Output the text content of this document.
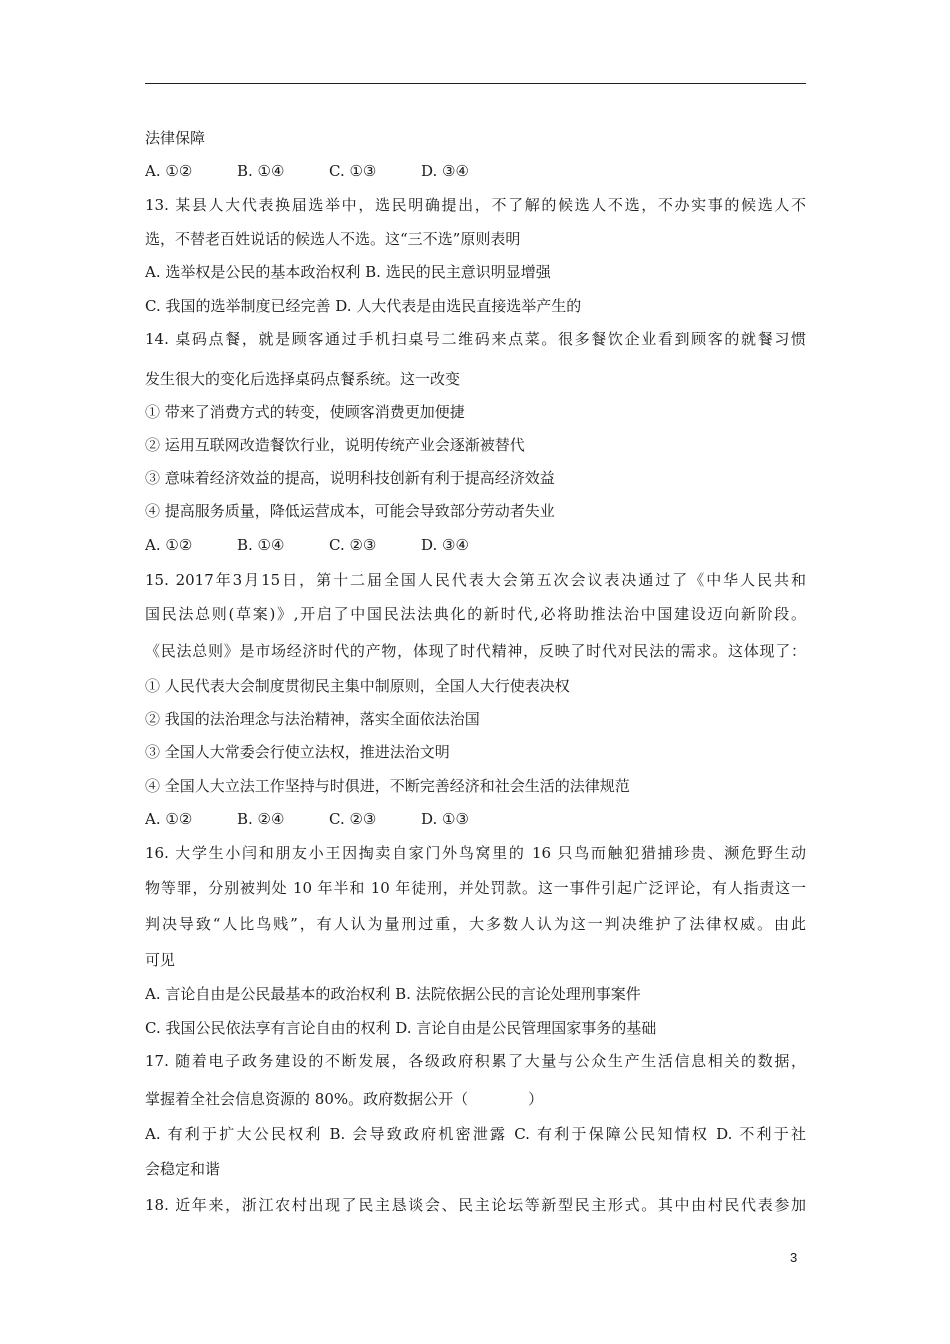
法律保障
A. ①②	B. ①④	C. ①③	D. ③④
13. 某县人大代表换届选举中，选民明确提出，不了解的候选人不选，不办实事的候选人不
选，不替老百姓说话的候选人不选。这“三不选”原则表明
A. 选举权是公民的基本政治权利 B. 选民的民主意识明显增强
C. 我国的选举制度已经完善 D. 人大代表是由选民直接选举产生的
14. 桌码点餐，就是顾客通过手机扫桌号二维码来点菜。很多餐饮企业看到顾客的就餐习惯
发生很大的变化后选择桌码点餐系统。这一改变
① 带来了消费方式的转变，使顾客消费更加便捷
② 运用互联网改造餐饮行业，说明传统产业会逐渐被替代
③ 意味着经济效益的提高，说明科技创新有利于提高经济效益
④ 提高服务质量，降低运营成本，可能会导致部分劳动者失业
A. ①②	B. ①④	C. ②③	D. ③④
15. 2017年3月15日，第十二届全国人民代表大会第五次会议表决通过了《中华人民共和
国民法总则(草案)》,开启了中国民法法典化的新时代,必将助推法治中国建设迈向新阶段。
《民法总则》是市场经济时代的产物，体现了时代精神，反映了时代对民法的需求。这体现了：
① 人民代表大会制度贯彻民主集中制原则，全国人大行使表决权
② 我国的法治理念与法治精神，落实全面依法治国
③ 全国人大常委会行使立法权，推进法治文明
④ 全国人大立法工作坚持与时俱进，不断完善经济和社会生活的法律规范
A. ①②	B. ②④	C. ②③	D. ①③
16. 大学生小闫和朋友小王因掏卖自家门外鸟窝里的 16 只鸟而触犯猎捕珍贵、濒危野生动
物等罪，分别被判处 10 年半和 10 年徒刑，并处罚款。这一事件引起广泛评论，有人指责这一
判决导致“人比鸟贱”，有人认为量刑过重，大多数人认为这一判决维护了法律权威。由此
可见
A. 言论自由是公民最基本的政治权利 B. 法院依据公民的言论处理刑事案件
C. 我国公民依法享有言论自由的权利 D. 言论自由是公民管理国家事务的基础
17. 随着电子政务建设的不断发展，各级政府积累了大量与公众生产生活信息相关的数据，
掌握着全社会信息资源的 80%。政府数据公开（　　　　）
A. 有利于扩大公民权利 B. 会导致政府机密泄露 C. 有利于保障公民知情权 D. 不利于社
会稳定和谐
18. 近年来，浙江农村出现了民主恳谈会、民主论坛等新型民主形式。其中由村民代表参加
3
